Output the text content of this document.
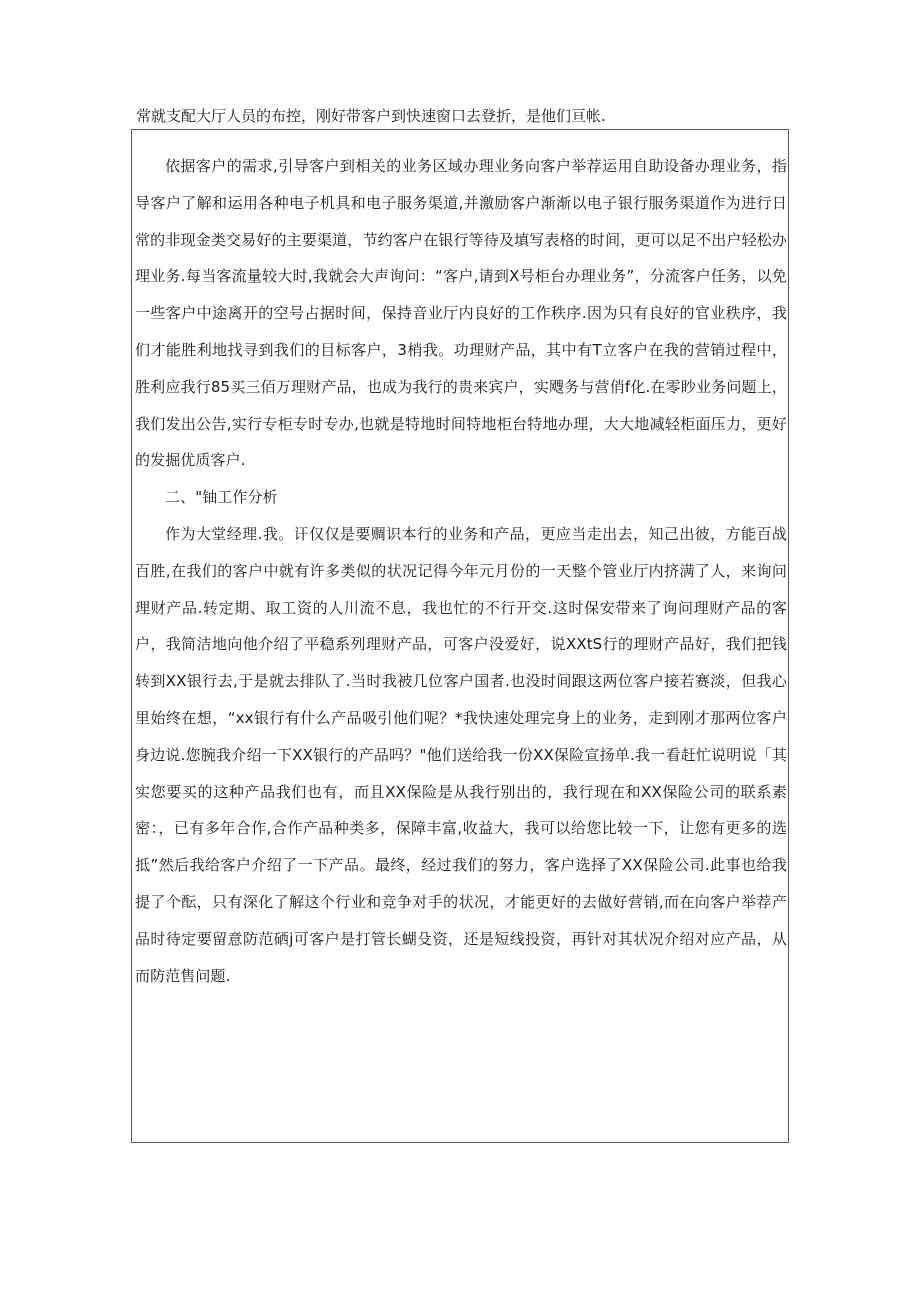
常就支配大厅人员的布控，刚好带客户到快速窗口去登折，是他们亘帐.

依据客户的需求,引导客户到相关的业务区域办理业务向客户举荐运用自助设备办理业务，指导客户了解和运用各种电子机具和电子服务渠道,并激励客户渐渐以电子银行服务渠道作为进行日常的非现金类交易好的主要渠道，节约客户在银行等待及填写表格的时间，更可以足不出户轻松办理业务.每当客流量较大时,我就会大声询问：“客户,请到X号柜台办理业务”，分流客户任务，以免一些客户中途离开的空号占据时间，保持音业厅内良好的工作秩序.因为只有良好的官业秩序，我们才能胜利地找寻到我们的目标客户，3梢我。功理财产品，其中有T立客户在我的营销过程中，胜利应我行85买三佰万理财产品，也成为我行的贵来宾户，实飕务与营俏f化.在零眇业务问题上，我们发出公告,实行专柜专时专办,也就是特地时间特地柜台特地办理，大大地减轻柜面压力，更好的发掘优质客户.

二、"铀工作分析

作为大堂经理.我。讦仅仅是要赒识本行的业务和产品，更应当走出去，知己出彼，方能百战百胜,在我们的客户中就有许多类似的状况记得今年元月份的一天整个管业厅内挤满了人，来询问理财产品.转定期、取工资的人川流不息，我也忙的不行开交.这时保安带来了询问理财产品的客户，我简洁地向他介绍了平稳系列理财产品，可客户没爱好，说XXtS行的理财产品好，我们把钱转到XX银行去,于是就去排队了.当时我被几位客户国者.也没时间跟这两位客户接若赛淡，但我心里始终在想，“xx银行有什么产品吸引他们呢？*我快速处理完身上的业务，走到刚才那两位客户身边说.您腕我介绍一下XX银行的产品吗？"他们送给我一份XX保险宣扬单.我一看赶忙说明说「其实您要买的这种产品我们也有，而且XX保险是从我行别出的，我行现在和XX保险公司的联系素密：，已有多年合作,合作产品种类多，保障丰富,收益大，我可以给您比较一下，让您有更多的选抵”然后我给客户介绍了一下产品。最终，经过我们的努力，客户选择了XX保险公司.此事也给我提了个酝，只有深化了解这个行业和竞争对手的状况，才能更好的去做好营销,而在向客户举荐产品时待定要留意防范硒j可客户是打管长蝴殳资，还是短线投资，再针对其状况介绍对应产品，从而防范售问题.
